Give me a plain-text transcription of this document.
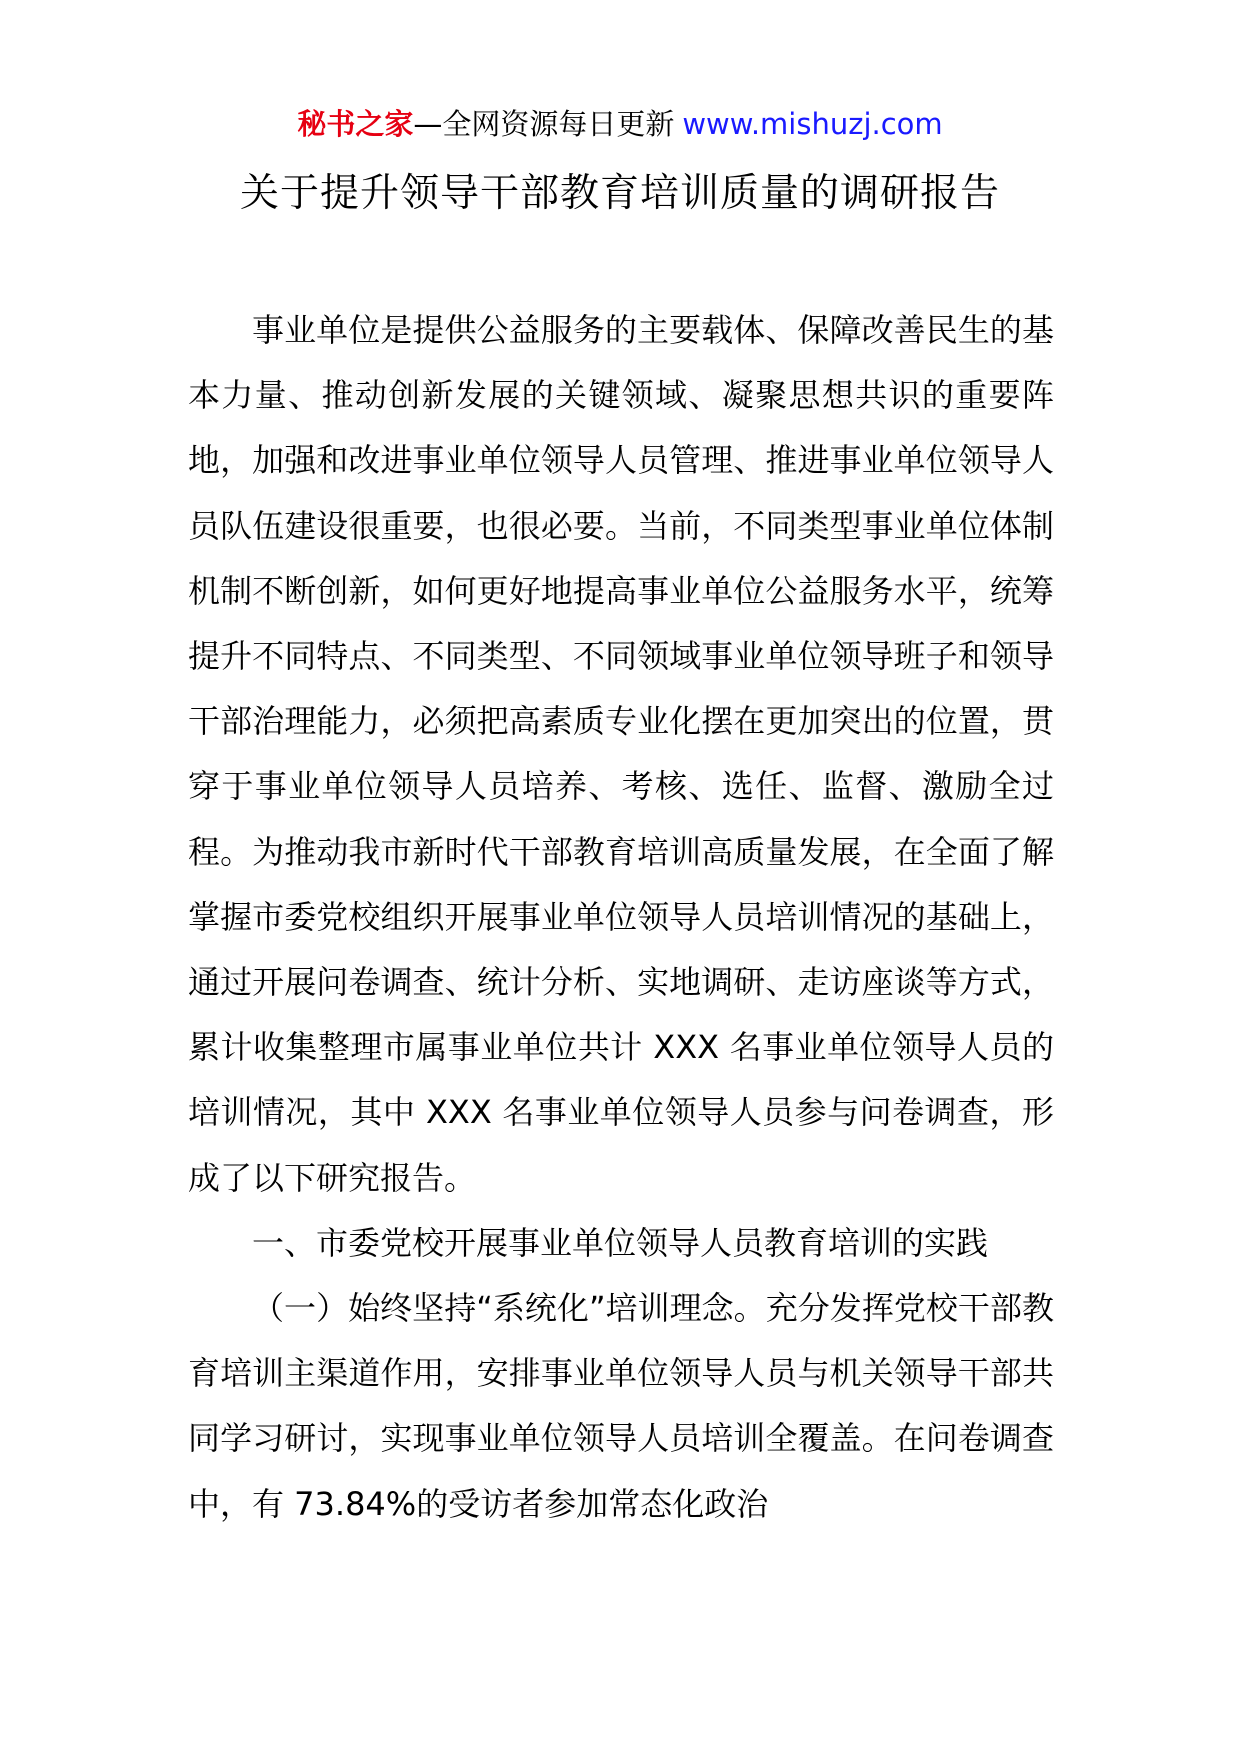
秘书之家—全网资源每日更新 www.mishuzj.com
关于提升领导干部教育培训质量的调研报告

事业单位是提供公益服务的主要载体、保障改善民生的基本力量、推动创新发展的关键领域、凝聚思想共识的重要阵地，加强和改进事业单位领导人员管理、推进事业单位领导人员队伍建设很重要，也很必要。当前，不同类型事业单位体制机制不断创新，如何更好地提高事业单位公益服务水平，统筹提升不同特点、不同类型、不同领域事业单位领导班子和领导干部治理能力，必须把高素质专业化摆在更加突出的位置，贯穿于事业单位领导人员培养、考核、选任、监督、激励全过程。为推动我市新时代干部教育培训高质量发展，在全面了解掌握市委党校组织开展事业单位领导人员培训情况的基础上，通过开展问卷调查、统计分析、实地调研、走访座谈等方式，累计收集整理市属事业单位共计 XXX 名事业单位领导人员的培训情况，其中 XXX 名事业单位领导人员参与问卷调查，形成了以下研究报告。

一、市委党校开展事业单位领导人员教育培训的实践

（一）始终坚持“系统化”培训理念。充分发挥党校干部教育培训主渠道作用，安排事业单位领导人员与机关领导干部共同学习研讨，实现事业单位领导人员培训全覆盖。在问卷调查中，有 73.84%的受访者参加常态化政治
